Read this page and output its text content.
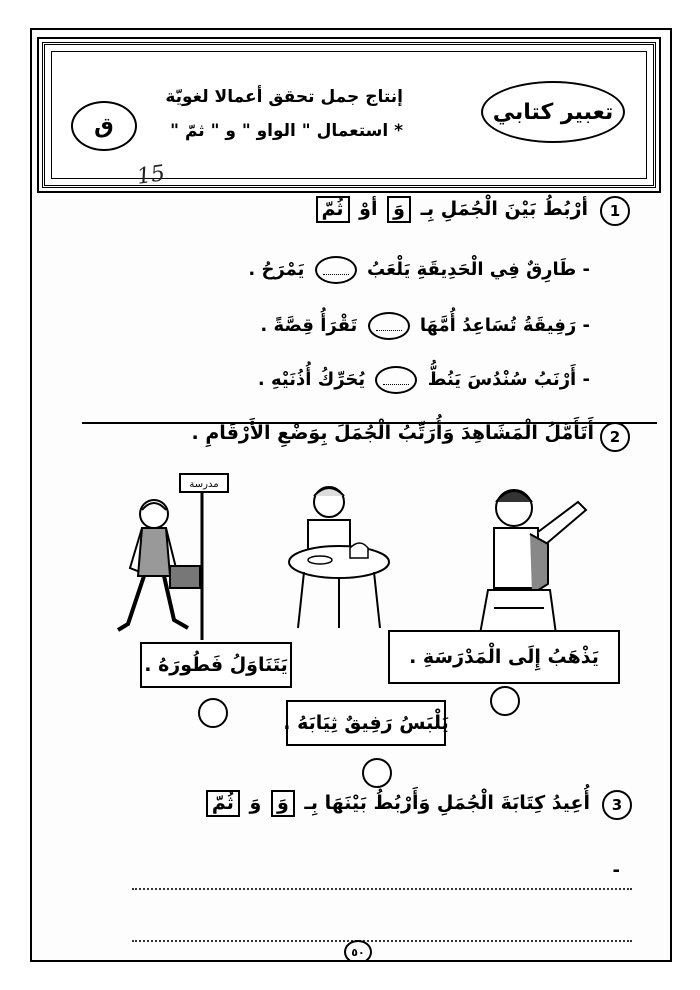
تعبير كتابي
إنتاج جمل تحقق أعمالا لغويّة
* استعمال " الواو " و " ثمّ "
ق
15
1
أرْبُطُ بَيْنَ الْجُمَلِ بِـ وَ أوْ ثُمّ
- طَارِقٌ فِي الْحَدِيقَةِ يَلْعَبُ  يَمْرَحُ .
- رَفِيقَةُ تُسَاعِدُ أُمَّهَا  تَقْرَأُ قِصَّةً .
- أَرْنَبُ سُنْدُسَ يَنُطُّ  يُحَرِّكُ أُذُنَيْهِ .
2
أَتَأَمَّلُ الْمَشَاهِدَ وَأُرَتِّبُ الْجُمَلَ بِوَضْعِ الأَرْقَامِ .
مدرسة
يَتَنَاوَلُ فَطُورَهُ .	يَذْهَبُ إِلَى الْمَدْرَسَةِ .
يَلْبَسُ رَفِيقٌ ثِيَابَهُ .
3
أُعِيدُ كِتَابَةَ الْجُمَلِ وَأَرْبُطُ بَيْنَهَا بِـ وَ وَ ثُمّ
-
٥٠
